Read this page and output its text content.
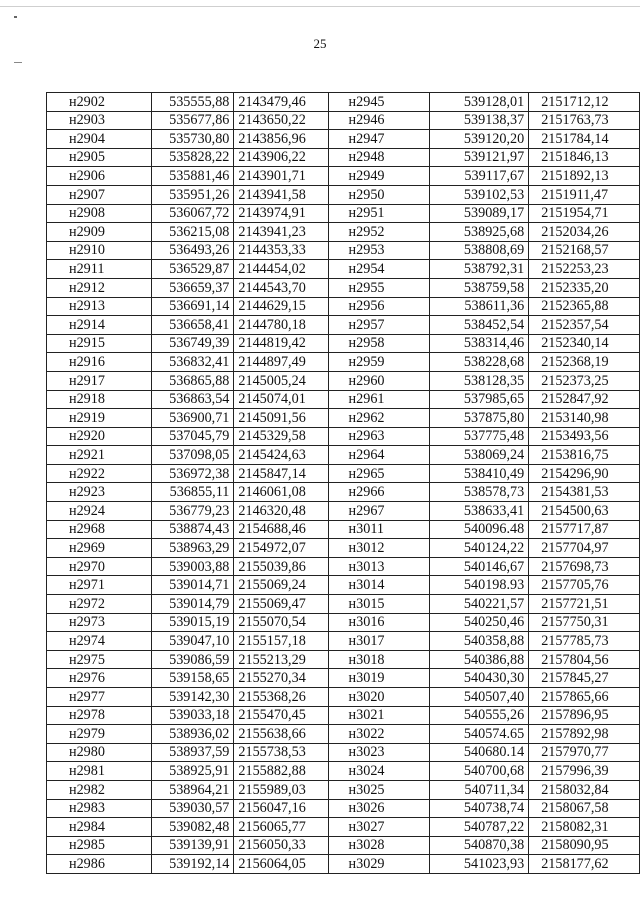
25
н2902	535555,88	2143479,46	н2945	539128,01	2151712,12
н2903	535677,86	2143650,22	н2946	539138,37	2151763,73
н2904	535730,80	2143856,96	н2947	539120,20	2151784,14
н2905	535828,22	2143906,22	н2948	539121,97	2151846,13
н2906	535881,46	2143901,71	н2949	539117,67	2151892,13
н2907	535951,26	2143941,58	н2950	539102,53	2151911,47
н2908	536067,72	2143974,91	н2951	539089,17	2151954,71
н2909	536215,08	2143941,23	н2952	538925,68	2152034,26
н2910	536493,26	2144353,33	н2953	538808,69	2152168,57
н2911	536529,87	2144454,02	н2954	538792,31	2152253,23
н2912	536659,37	2144543,70	н2955	538759,58	2152335,20
н2913	536691,14	2144629,15	н2956	538611,36	2152365,88
н2914	536658,41	2144780,18	н2957	538452,54	2152357,54
н2915	536749,39	2144819,42	н2958	538314,46	2152340,14
н2916	536832,41	2144897,49	н2959	538228,68	2152368,19
н2917	536865,88	2145005,24	н2960	538128,35	2152373,25
н2918	536863,54	2145074,01	н2961	537985,65	2152847,92
н2919	536900,71	2145091,56	н2962	537875,80	2153140,98
н2920	537045,79	2145329,58	н2963	537775,48	2153493,56
н2921	537098,05	2145424,63	н2964	538069,24	2153816,75
н2922	536972,38	2145847,14	н2965	538410,49	2154296,90
н2923	536855,11	2146061,08	н2966	538578,73	2154381,53
н2924	536779,23	2146320,48	н2967	538633,41	2154500,63
н2968	538874,43	2154688,46	н3011	540096.48	2157717,87
н2969	538963,29	2154972,07	н3012	540124,22	2157704,97
н2970	539003,88	2155039,86	н3013	540146,67	2157698,73
н2971	539014,71	2155069,24	н3014	540198.93	2157705,76
н2972	539014,79	2155069,47	н3015	540221,57	2157721,51
н2973	539015,19	2155070,54	н3016	540250,46	2157750,31
н2974	539047,10	2155157,18	н3017	540358,88	2157785,73
н2975	539086,59	2155213,29	н3018	540386,88	2157804,56
н2976	539158,65	2155270,34	н3019	540430,30	2157845,27
н2977	539142,30	2155368,26	н3020	540507,40	2157865,66
н2978	539033,18	2155470,45	н3021	540555,26	2157896,95
н2979	538936,02	2155638,66	н3022	540574.65	2157892,98
н2980	538937,59	2155738,53	н3023	540680.14	2157970,77
н2981	538925,91	2155882,88	н3024	540700,68	2157996,39
н2982	538964,21	2155989,03	н3025	540711,34	2158032,84
н2983	539030,57	2156047,16	н3026	540738,74	2158067,58
н2984	539082,48	2156065,77	н3027	540787,22	2158082,31
н2985	539139,91	2156050,33	н3028	540870,38	2158090,95
н2986	539192,14	2156064,05	н3029	541023,93	2158177,62
